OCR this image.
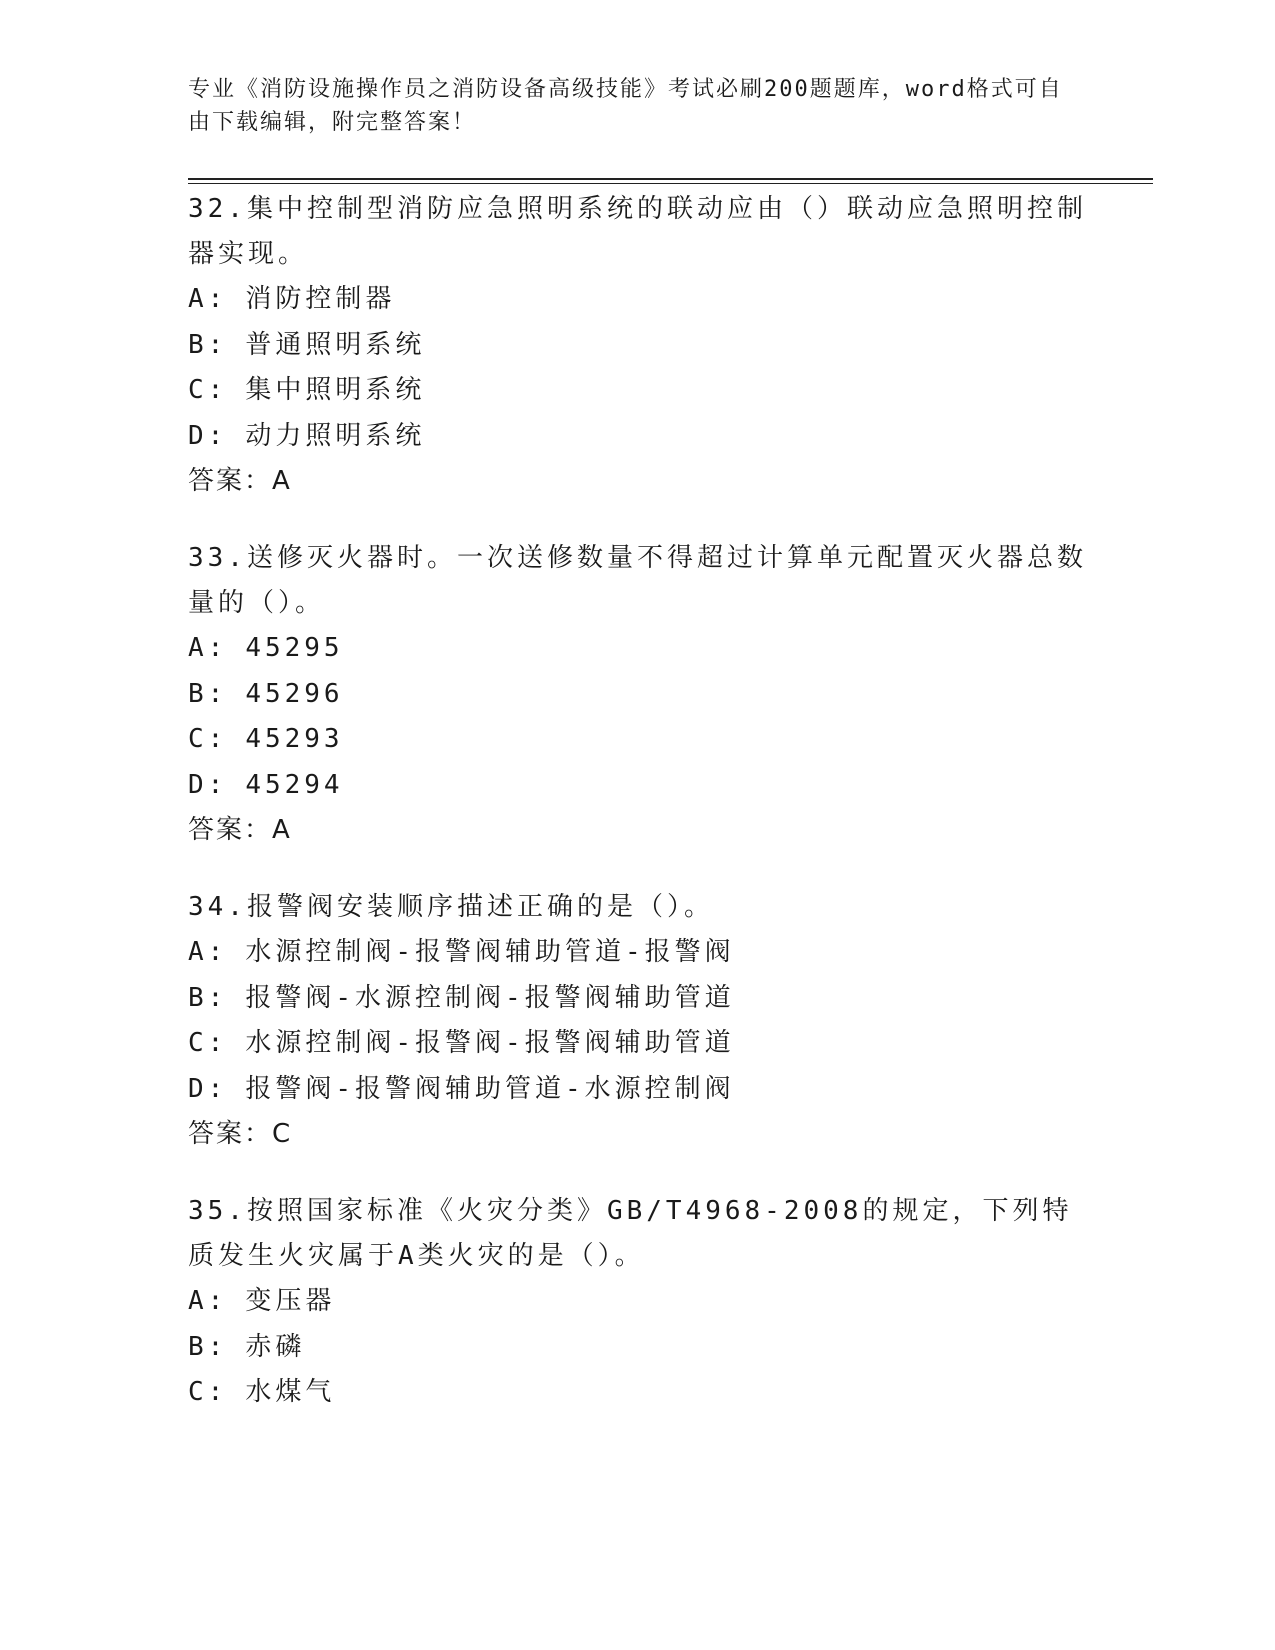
专业《消防设施操作员之消防设备高级技能》考试必刷200题题库，word格式可自由下载编辑，附完整答案！

32.集中控制型消防应急照明系统的联动应由（）联动应急照明控制器实现。

A: 消防控制器

B: 普通照明系统

C: 集中照明系统

D: 动力照明系统

答案：A

33.送修灭火器时。一次送修数量不得超过计算单元配置灭火器总数量的（）。

A: 45295

B: 45296

C: 45293

D: 45294

答案：A

34.报警阀安装顺序描述正确的是（）。

A: 水源控制阀-报警阀辅助管道-报警阀

B: 报警阀-水源控制阀-报警阀辅助管道

C: 水源控制阀-报警阀-报警阀辅助管道

D: 报警阀-报警阀辅助管道-水源控制阀

答案：C

35.按照国家标准《火灾分类》GB/T4968-2008的规定，下列特质发生火灾属于A类火灾的是（）。

A: 变压器

B: 赤磷

C: 水煤气
